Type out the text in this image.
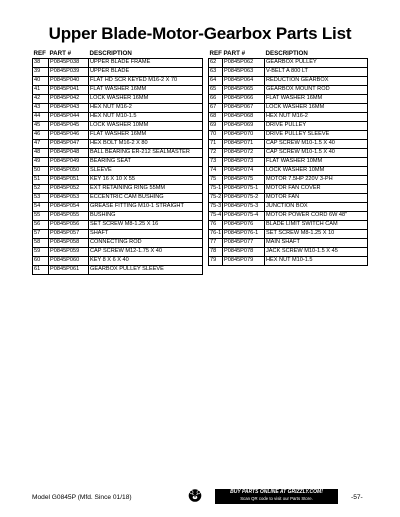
Upper Blade-Motor-Gearbox Parts List
REF	PART #	DESCRIPTION
38	P0845P038	UPPER BLADE FRAME
39	P0845P039	UPPER BLADE
40	P0845P040	FLAT HD SCR KEYED M16-2 X 70
41	P0845P041	FLAT WASHER 16MM
42	P0845P042	LOCK WASHER 16MM
43	P0845P043	HEX NUT M16-2
44	P0845P044	HEX NUT M10-1.5
45	P0845P045	LOCK WASHER 10MM
46	P0845P046	FLAT WASHER 16MM
47	P0845P047	HEX BOLT M16-2 X 80
48	P0845P048	BALL BEARING ER-212 SEALMASTER
49	P0845P049	BEARING SEAT
50	P0845P050	SLEEVE
51	P0845P051	KEY 16 X 10 X 55
52	P0845P052	EXT RETAINING RING 55MM
53	P0845P053	ECCENTRIC CAM BUSHING
54	P0845P054	GREASE FITTING M10-1 STRAIGHT
55	P0845P055	BUSHING
56	P0845P056	SET SCREW M8-1.25 X 16
57	P0845P057	SHAFT
58	P0845P058	CONNECTING ROD
59	P0845P059	CAP SCREW M12-1.75 X 40
60	P0845P060	KEY 8 X 6 X 40
61	P0845P061	GEARBOX PULLEY SLEEVE
REF	PART #	DESCRIPTION
62	P0845P062	GEARBOX PULLEY
63	P0845P063	V-BELT A 800 LT
64	P0845P064	REDUCTION GEARBOX
65	P0845P065	GEARBOX MOUNT ROD
66	P0845P066	FLAT WASHER 16MM
67	P0845P067	LOCK WASHER 16MM
68	P0845P068	HEX NUT M16-2
69	P0845P069	DRIVE PULLEY
70	P0845P070	DRIVE PULLEY SLEEVE
71	P0845P071	CAP SCREW M10-1.5 X 40
72	P0845P072	CAP SCREW M10-1.5 X 40
73	P0845P073	FLAT WASHER 10MM
74	P0845P074	LOCK WASHER 10MM
75	P0845P075	MOTOR 7.5HP 220V 3-PH
75-1	P0845P075-1	MOTOR FAN COVER
75-2	P0845P075-2	MOTOR FAN
75-3	P0845P075-3	JUNCTION BOX
75-4	P0845P075-4	MOTOR POWER CORD 6W 48"
76	P0845P076	BLADE LIMIT SWITCH CAM
76-1	P0845P076-1	SET SCREW M8-1.25 X 10
77	P0845P077	MAIN SHAFT
78	P0845P078	JACK SCREW M10-1.5 X 45
79	P0845P079	HEX NUT M10-1.5
Model G0845P (Mfd. Since 01/18)
BUY PARTS ONLINE AT GRIZZLY.COM!
Scan QR code to visit our Parts Store.	-57-
